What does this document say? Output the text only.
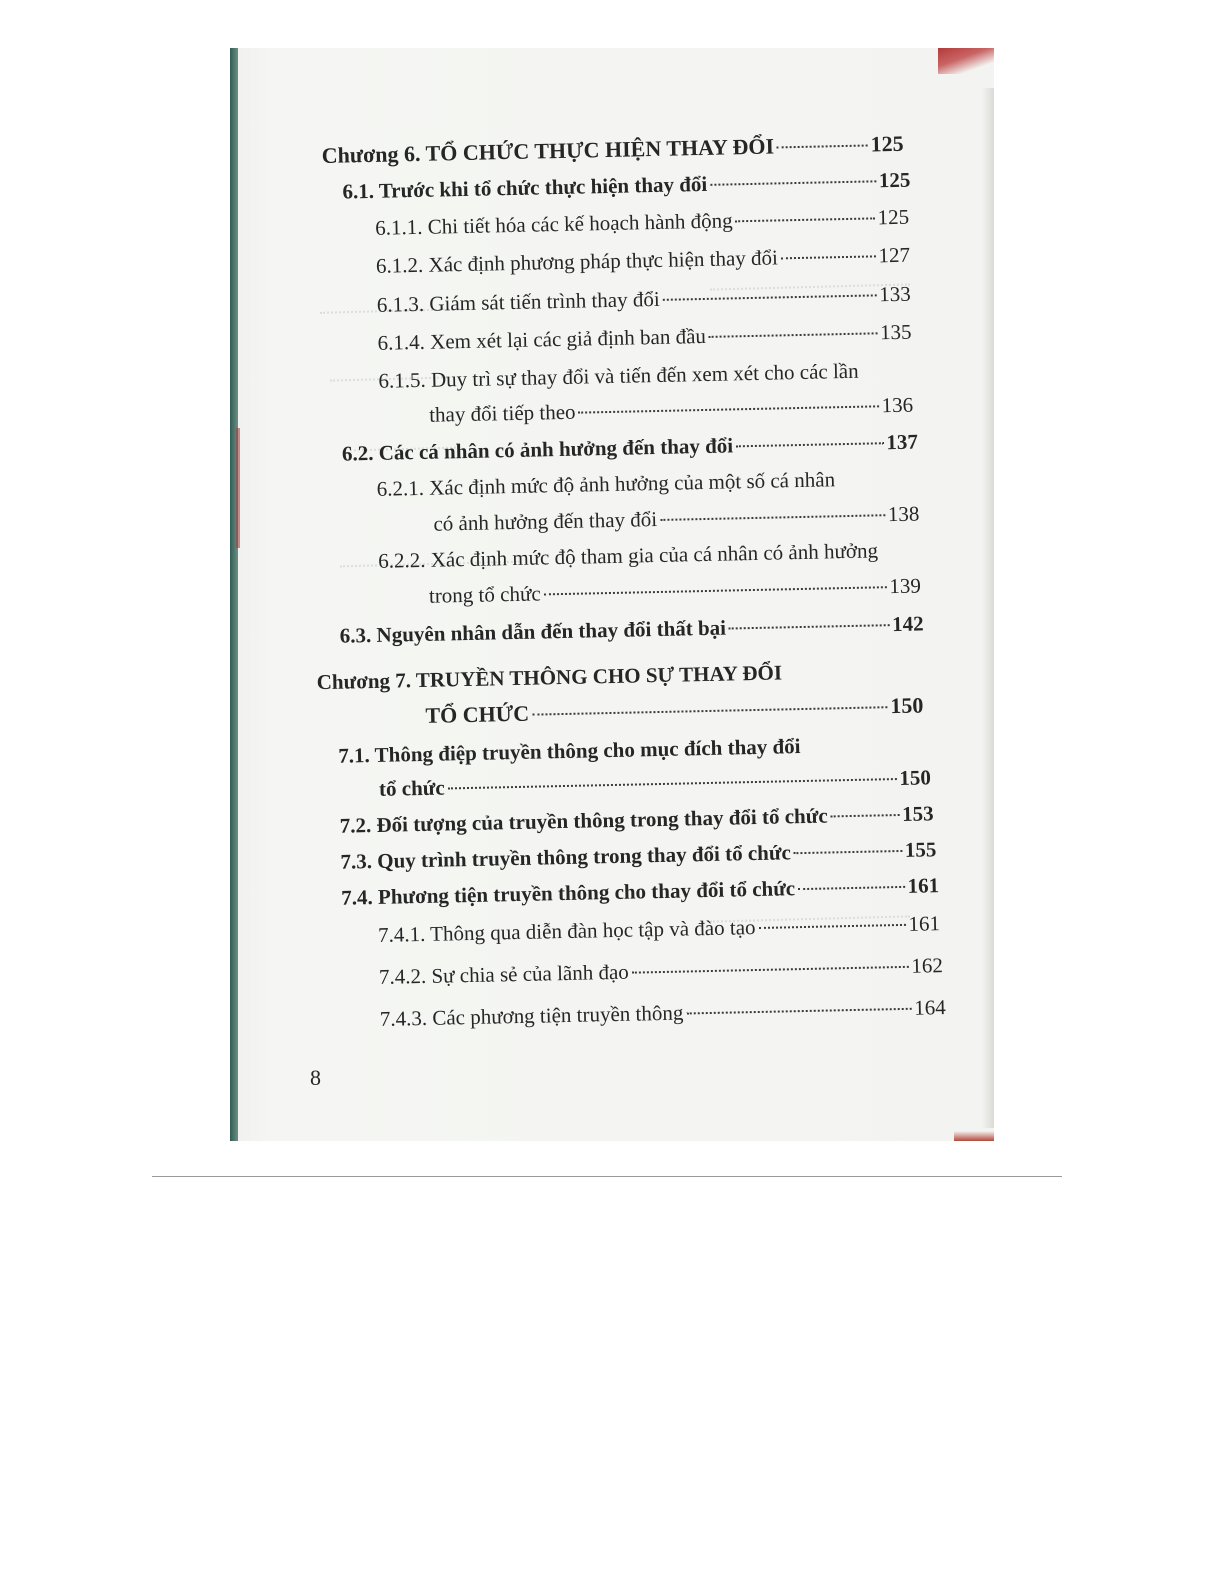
Chương 6. TỔ CHỨC THỰC HIỆN THAY ĐỔI	125
6.1. Trước khi tổ chức thực hiện thay đổi	125
6.1.1. Chi tiết hóa các kế hoạch hành động	125
6.1.2. Xác định phương pháp thực hiện thay đổi	127
6.1.3. Giám sát tiến trình thay đổi	133
6.1.4. Xem xét lại các giả định ban đầu	135
6.1.5. Duy trì sự thay đổi và tiến đến xem xét cho các lần
thay đổi tiếp theo	136
6.2. Các cá nhân có ảnh hưởng đến thay đổi	137
6.2.1. Xác định mức độ ảnh hưởng của một số cá nhân
có ảnh hưởng đến thay đổi	138
6.2.2. Xác định mức độ tham gia của cá nhân có ảnh hưởng
trong tổ chức	139
6.3. Nguyên nhân dẫn đến thay đổi thất bại	142
Chương 7. TRUYỀN THÔNG CHO SỰ THAY ĐỔI
TỔ CHỨC	150
7.1. Thông điệp truyền thông cho mục đích thay đổi
tổ chức	150
7.2. Đối tượng của truyền thông trong thay đổi tổ chức	153
7.3. Quy trình truyền thông trong thay đổi tổ chức	155
7.4. Phương tiện truyền thông cho thay đổi tổ chức	161
7.4.1. Thông qua diễn đàn học tập và đào tạo	161
7.4.2. Sự chia sẻ của lãnh đạo	162
7.4.3. Các phương tiện truyền thông	164
8
